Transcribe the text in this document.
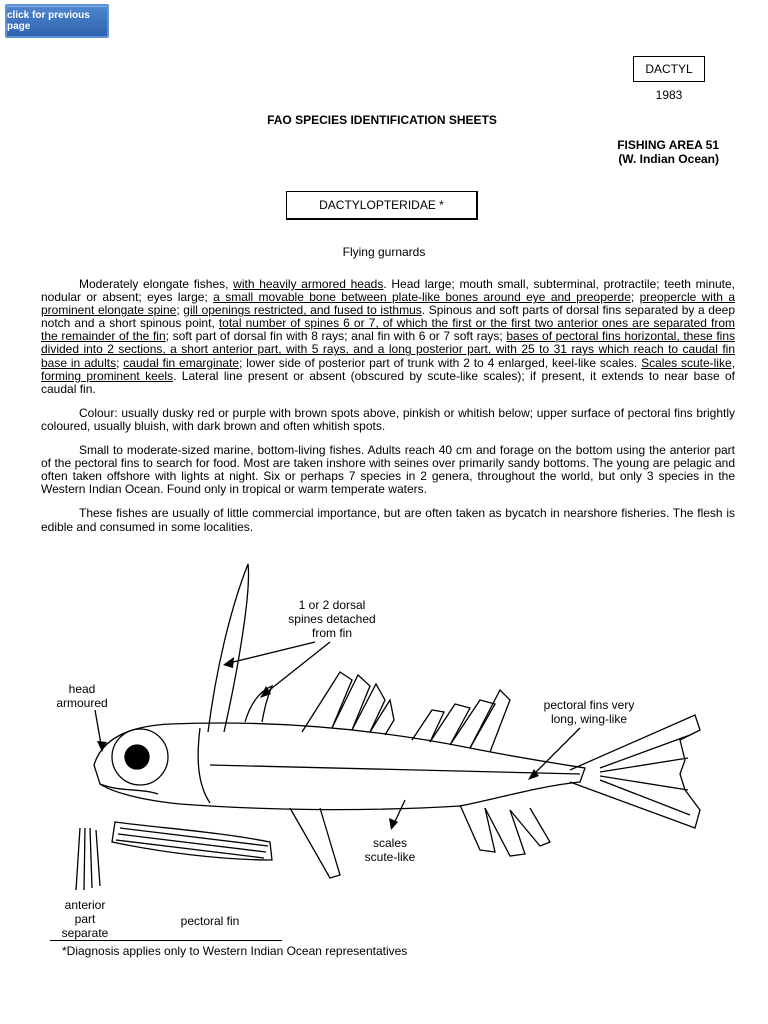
click for previous page
DACTYL
1983
FAO SPECIES IDENTIFICATION SHEETS
FISHING AREA 51
(W. Indian Ocean)
DACTYLOPTERIDAE *
Flying gurnards

Moderately elongate fishes, with heavily armored heads. Head large; mouth small, subterminal, protractile; teeth minute, nodular or absent; eyes large; a small movable bone between plate-like bones around eye and preoperde; preopercle with a prominent elongate spine; gill openings restricted, and fused to isthmus. Spinous and soft parts of dorsal fins separated by a deep notch and a short spinous point, total number of spines 6 or 7, of which the first or the first two anterior ones are separated from the remainder of the fin; soft part of dorsal fin with 8 rays; anal fin with 6 or 7 soft rays; bases of pectoral fins horizontal, these fins divided into 2 sections, a short anterior part, with 5 rays, and a long posterior part, with 25 to 31 rays which reach to caudal fin base in adults; caudal fin emarginate; lower side of posterior part of trunk with 2 to 4 enlarged, keel-like scales. Scales scute-like, forming prominent keels. Lateral line present or absent (obscured by scute-like scales); if present, it extends to near base of caudal fin.

Colour: usually dusky red or purple with brown spots above, pinkish or whitish below; upper surface of pectoral fins brightly coloured, usually bluish, with dark brown and often whitish spots.

Small to moderate-sized marine, bottom-living fishes. Adults reach 40 cm and forage on the bottom using the anterior part of the pectoral fins to search for food. Most are taken inshore with seines over primarily sandy bottoms. The young are pelagic and often taken offshore with lights at night. Six or perhaps 7 species in 2 genera, throughout the world, but only 3 species in the Western Indian Ocean. Found only in tropical or warm temperate waters.

These fishes are usually of little commercial importance, but are often taken as bycatch in nearshore fisheries. The flesh is edible and consumed in some localities.

1 or 2 dorsal
spines detached
from fin
head
armoured	pectoral fins very
long, wing-like
scales
scute-like
anterior
part
separate
pectoral fin
*Diagnosis applies only to Western Indian Ocean representatives
